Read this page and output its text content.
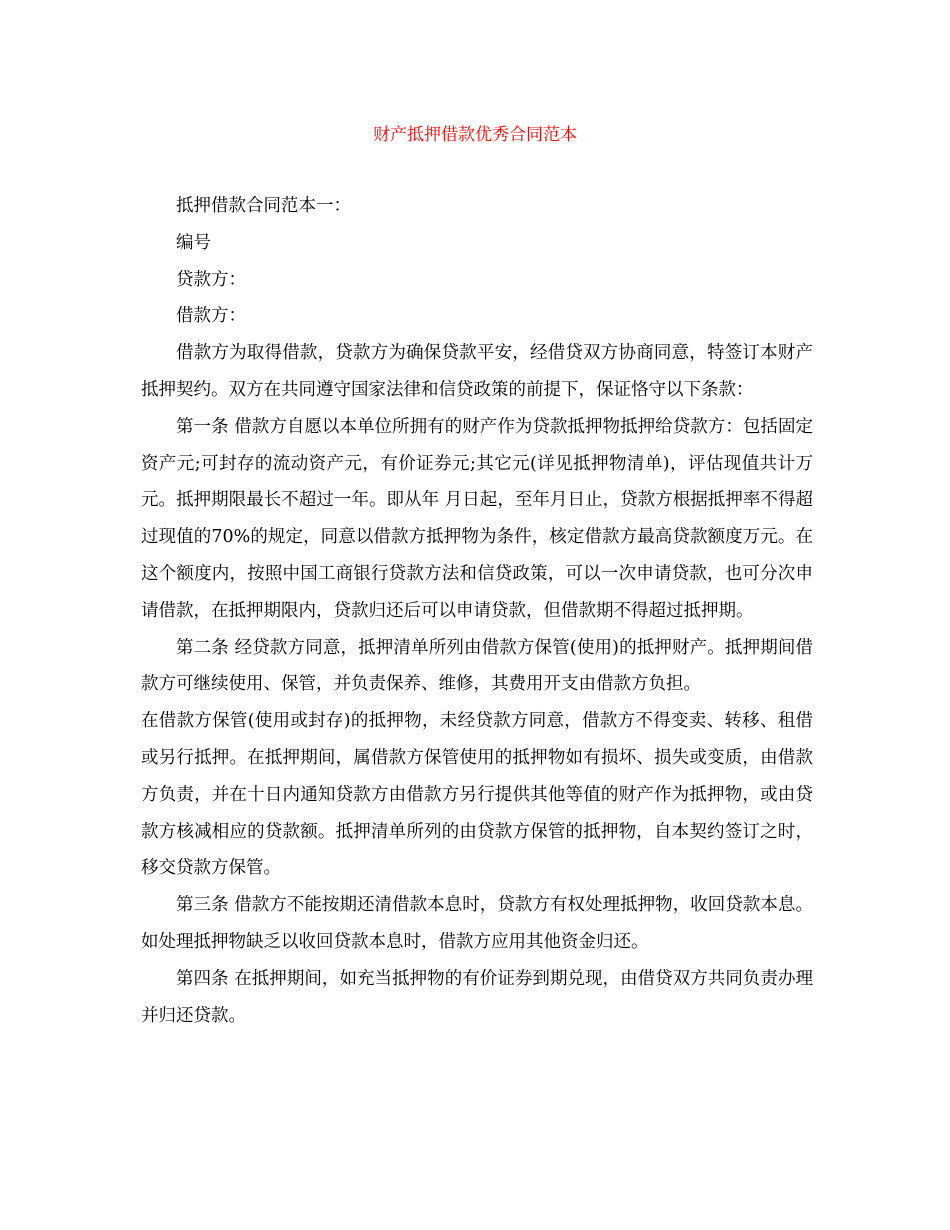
财产抵押借款优秀合同范本

抵押借款合同范本一：

编号

贷款方：

借款方：

借款方为取得借款，贷款方为确保贷款平安，经借贷双方协商同意，特签订本财产抵押契约。双方在共同遵守国家法律和信贷政策的前提下，保证恪守以下条款：

第一条 借款方自愿以本单位所拥有的财产作为贷款抵押物抵押给贷款方：包括固定资产元;可封存的流动资产元，有价证券元;其它元(详见抵押物清单)，评估现值共计万元。抵押期限最长不超过一年。即从年 月日起，至年月日止，贷款方根据抵押率不得超过现值的70%的规定，同意以借款方抵押物为条件，核定借款方最高贷款额度万元。在这个额度内，按照中国工商银行贷款方法和信贷政策，可以一次申请贷款，也可分次申请借款，在抵押期限内，贷款归还后可以申请贷款，但借款期不得超过抵押期。

第二条 经贷款方同意，抵押清单所列由借款方保管(使用)的抵押财产。抵押期间借款方可继续使用、保管，并负责保养、维修，其费用开支由借款方负担。

在借款方保管(使用或封存)的抵押物，未经贷款方同意，借款方不得变卖、转移、租借或另行抵押。在抵押期间，属借款方保管使用的抵押物如有损坏、损失或变质，由借款方负责，并在十日内通知贷款方由借款方另行提供其他等值的财产作为抵押物，或由贷款方核减相应的贷款额。抵押清单所列的由贷款方保管的抵押物，自本契约签订之时，移交贷款方保管。

第三条 借款方不能按期还清借款本息时，贷款方有权处理抵押物，收回贷款本息。如处理抵押物缺乏以收回贷款本息时，借款方应用其他资金归还。

第四条 在抵押期间，如充当抵押物的有价证券到期兑现，由借贷双方共同负责办理并归还贷款。
